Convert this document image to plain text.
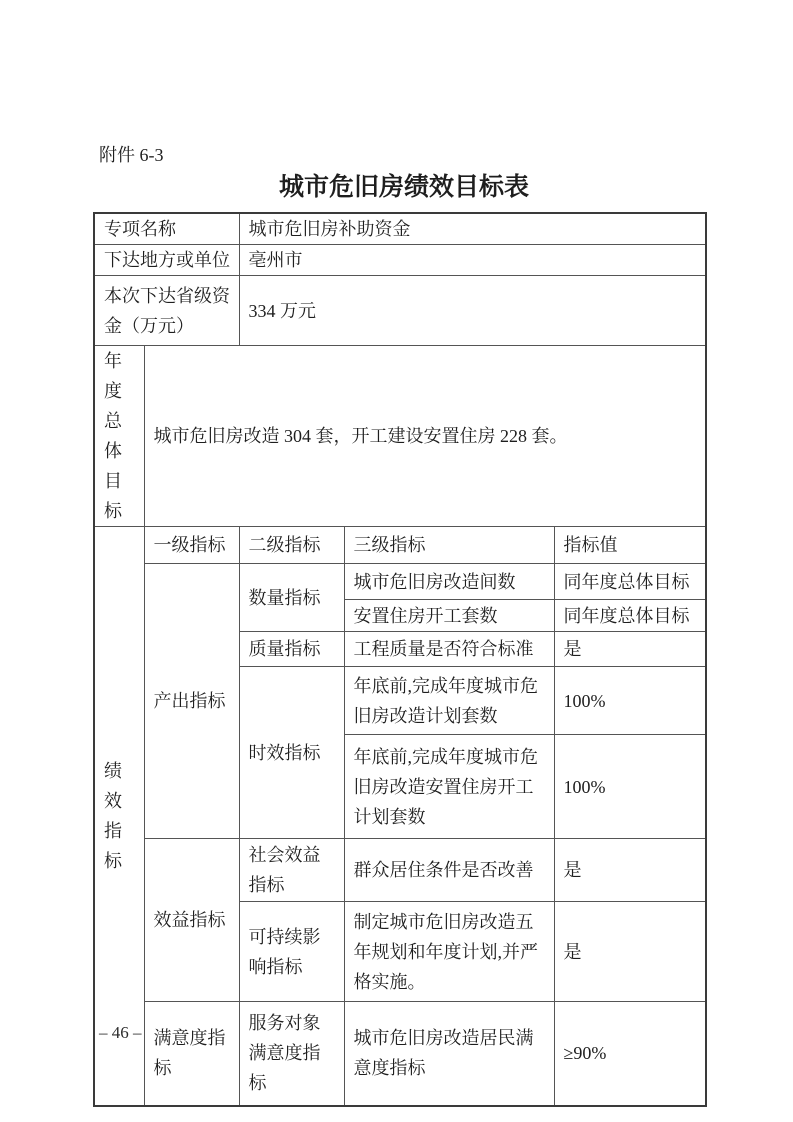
附件 6-3
城市危旧房绩效目标表
专项名称		城市危旧房补助资金		
下达地方或单位		亳州市		
本次下达省级资金（万元）		334 万元		
年度总体目标	城市危旧房改造 304 套，开工建设安置住房 228 套。			
绩效指标	一级指标	二级指标	三级指标	指标值
	产出指标	数量指标	城市危旧房改造间数	同年度总体目标
			安置住房开工套数	同年度总体目标
		质量指标	工程质量是否符合标准	是
		时效指标	年底前,完成年度城市危旧房改造计划套数	100%
			年底前,完成年度城市危旧房改造安置住房开工计划套数	100%
	效益指标	社会效益指标	群众居住条件是否改善	是
		可持续影响指标	制定城市危旧房改造五年规划和年度计划,并严格实施。	是
	满意度指标	服务对象满意度指标	城市危旧房改造居民满意度指标	≥90%
– 46 –
